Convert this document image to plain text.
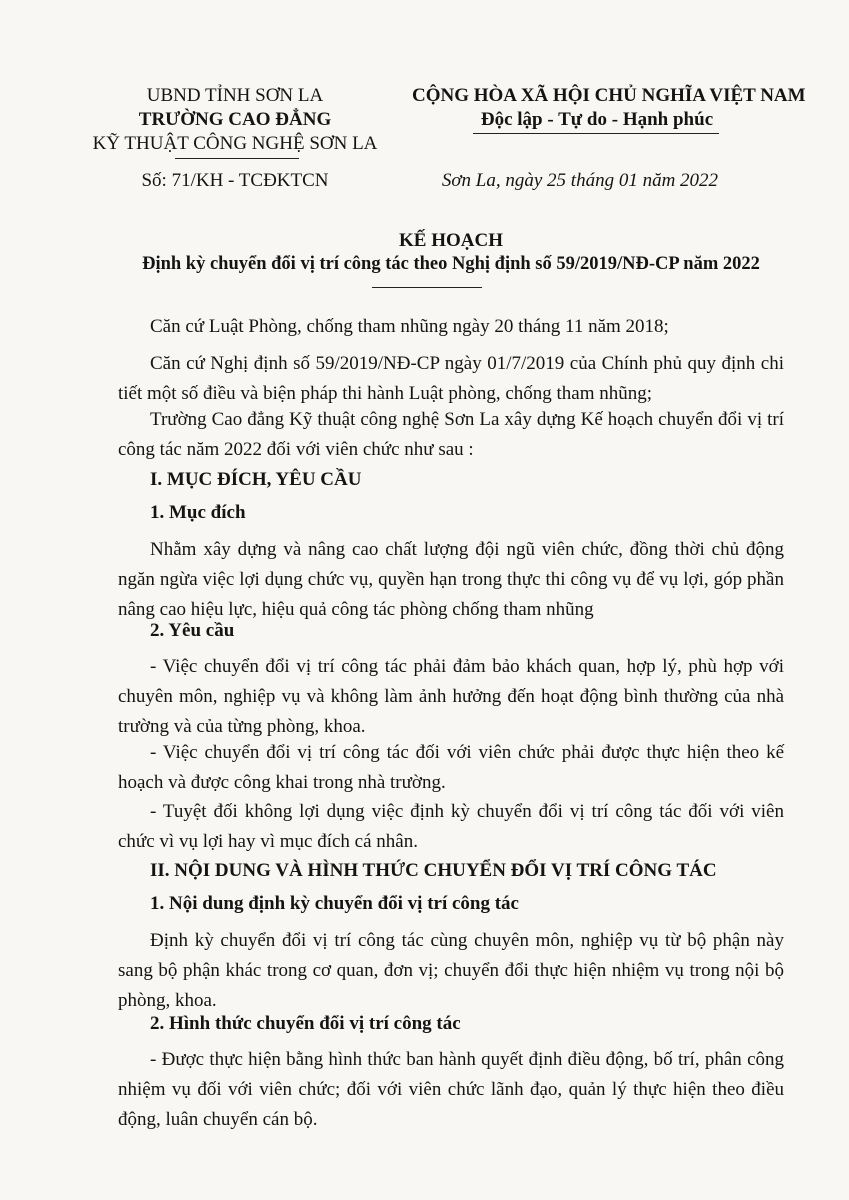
UBND TỈNH SƠN LA
TRƯỜNG CAO ĐẲNG
KỸ THUẬT CÔNG NGHỆ SƠN LA
Số: 71/KH - TCĐKTCN
CỘNG HÒA XÃ HỘI CHỦ NGHĨA VIỆT NAM
Độc lập - Tự do - Hạnh phúc
Sơn La, ngày 25 tháng 01 năm 2022
KẾ HOẠCH
Định kỳ chuyển đổi vị trí công tác theo Nghị định số 59/2019/NĐ-CP năm 2022
Căn cứ Luật Phòng, chống tham nhũng ngày 20 tháng 11 năm 2018;
Căn cứ Nghị định số 59/2019/NĐ-CP ngày 01/7/2019 của Chính phủ quy định chi tiết một số điều và biện pháp thi hành Luật phòng, chống tham nhũng;
Trường Cao đẳng Kỹ thuật công nghệ Sơn La xây dựng Kế hoạch chuyển đổi vị trí công tác năm 2022 đối với viên chức như sau :
I. MỤC ĐÍCH, YÊU CẦU
1. Mục đích
Nhằm xây dựng và nâng cao chất lượng đội ngũ viên chức, đồng thời chủ động ngăn ngừa việc lợi dụng chức vụ, quyền hạn trong thực thi công vụ để vụ lợi, góp phần nâng cao hiệu lực, hiệu quả công tác phòng chống tham nhũng
2. Yêu cầu
- Việc chuyển đổi vị trí công tác phải đảm bảo khách quan, hợp lý, phù hợp với chuyên môn, nghiệp vụ và không làm ảnh hưởng đến hoạt động bình thường của nhà trường và của từng phòng, khoa.
- Việc chuyển đổi vị trí công tác đối với viên chức phải được thực hiện theo kế hoạch và được công khai trong nhà trường.
- Tuyệt đối không lợi dụng việc định kỳ chuyển đổi vị trí công tác đối với viên chức vì vụ lợi hay vì mục đích cá nhân.
II. NỘI DUNG VÀ HÌNH THỨC CHUYỂN ĐỔI VỊ TRÍ CÔNG TÁC
1. Nội dung định kỳ chuyển đổi vị trí công tác
Định kỳ chuyển đổi vị trí công tác cùng chuyên môn, nghiệp vụ từ bộ phận này sang bộ phận khác trong cơ quan, đơn vị; chuyển đổi thực hiện nhiệm vụ trong nội bộ phòng, khoa.
2. Hình thức chuyển đổi vị trí công tác
- Được thực hiện bằng hình thức ban hành quyết định điều động, bố trí, phân công nhiệm vụ đối với viên chức; đối với viên chức lãnh đạo, quản lý thực hiện theo điều động, luân chuyển cán bộ.
